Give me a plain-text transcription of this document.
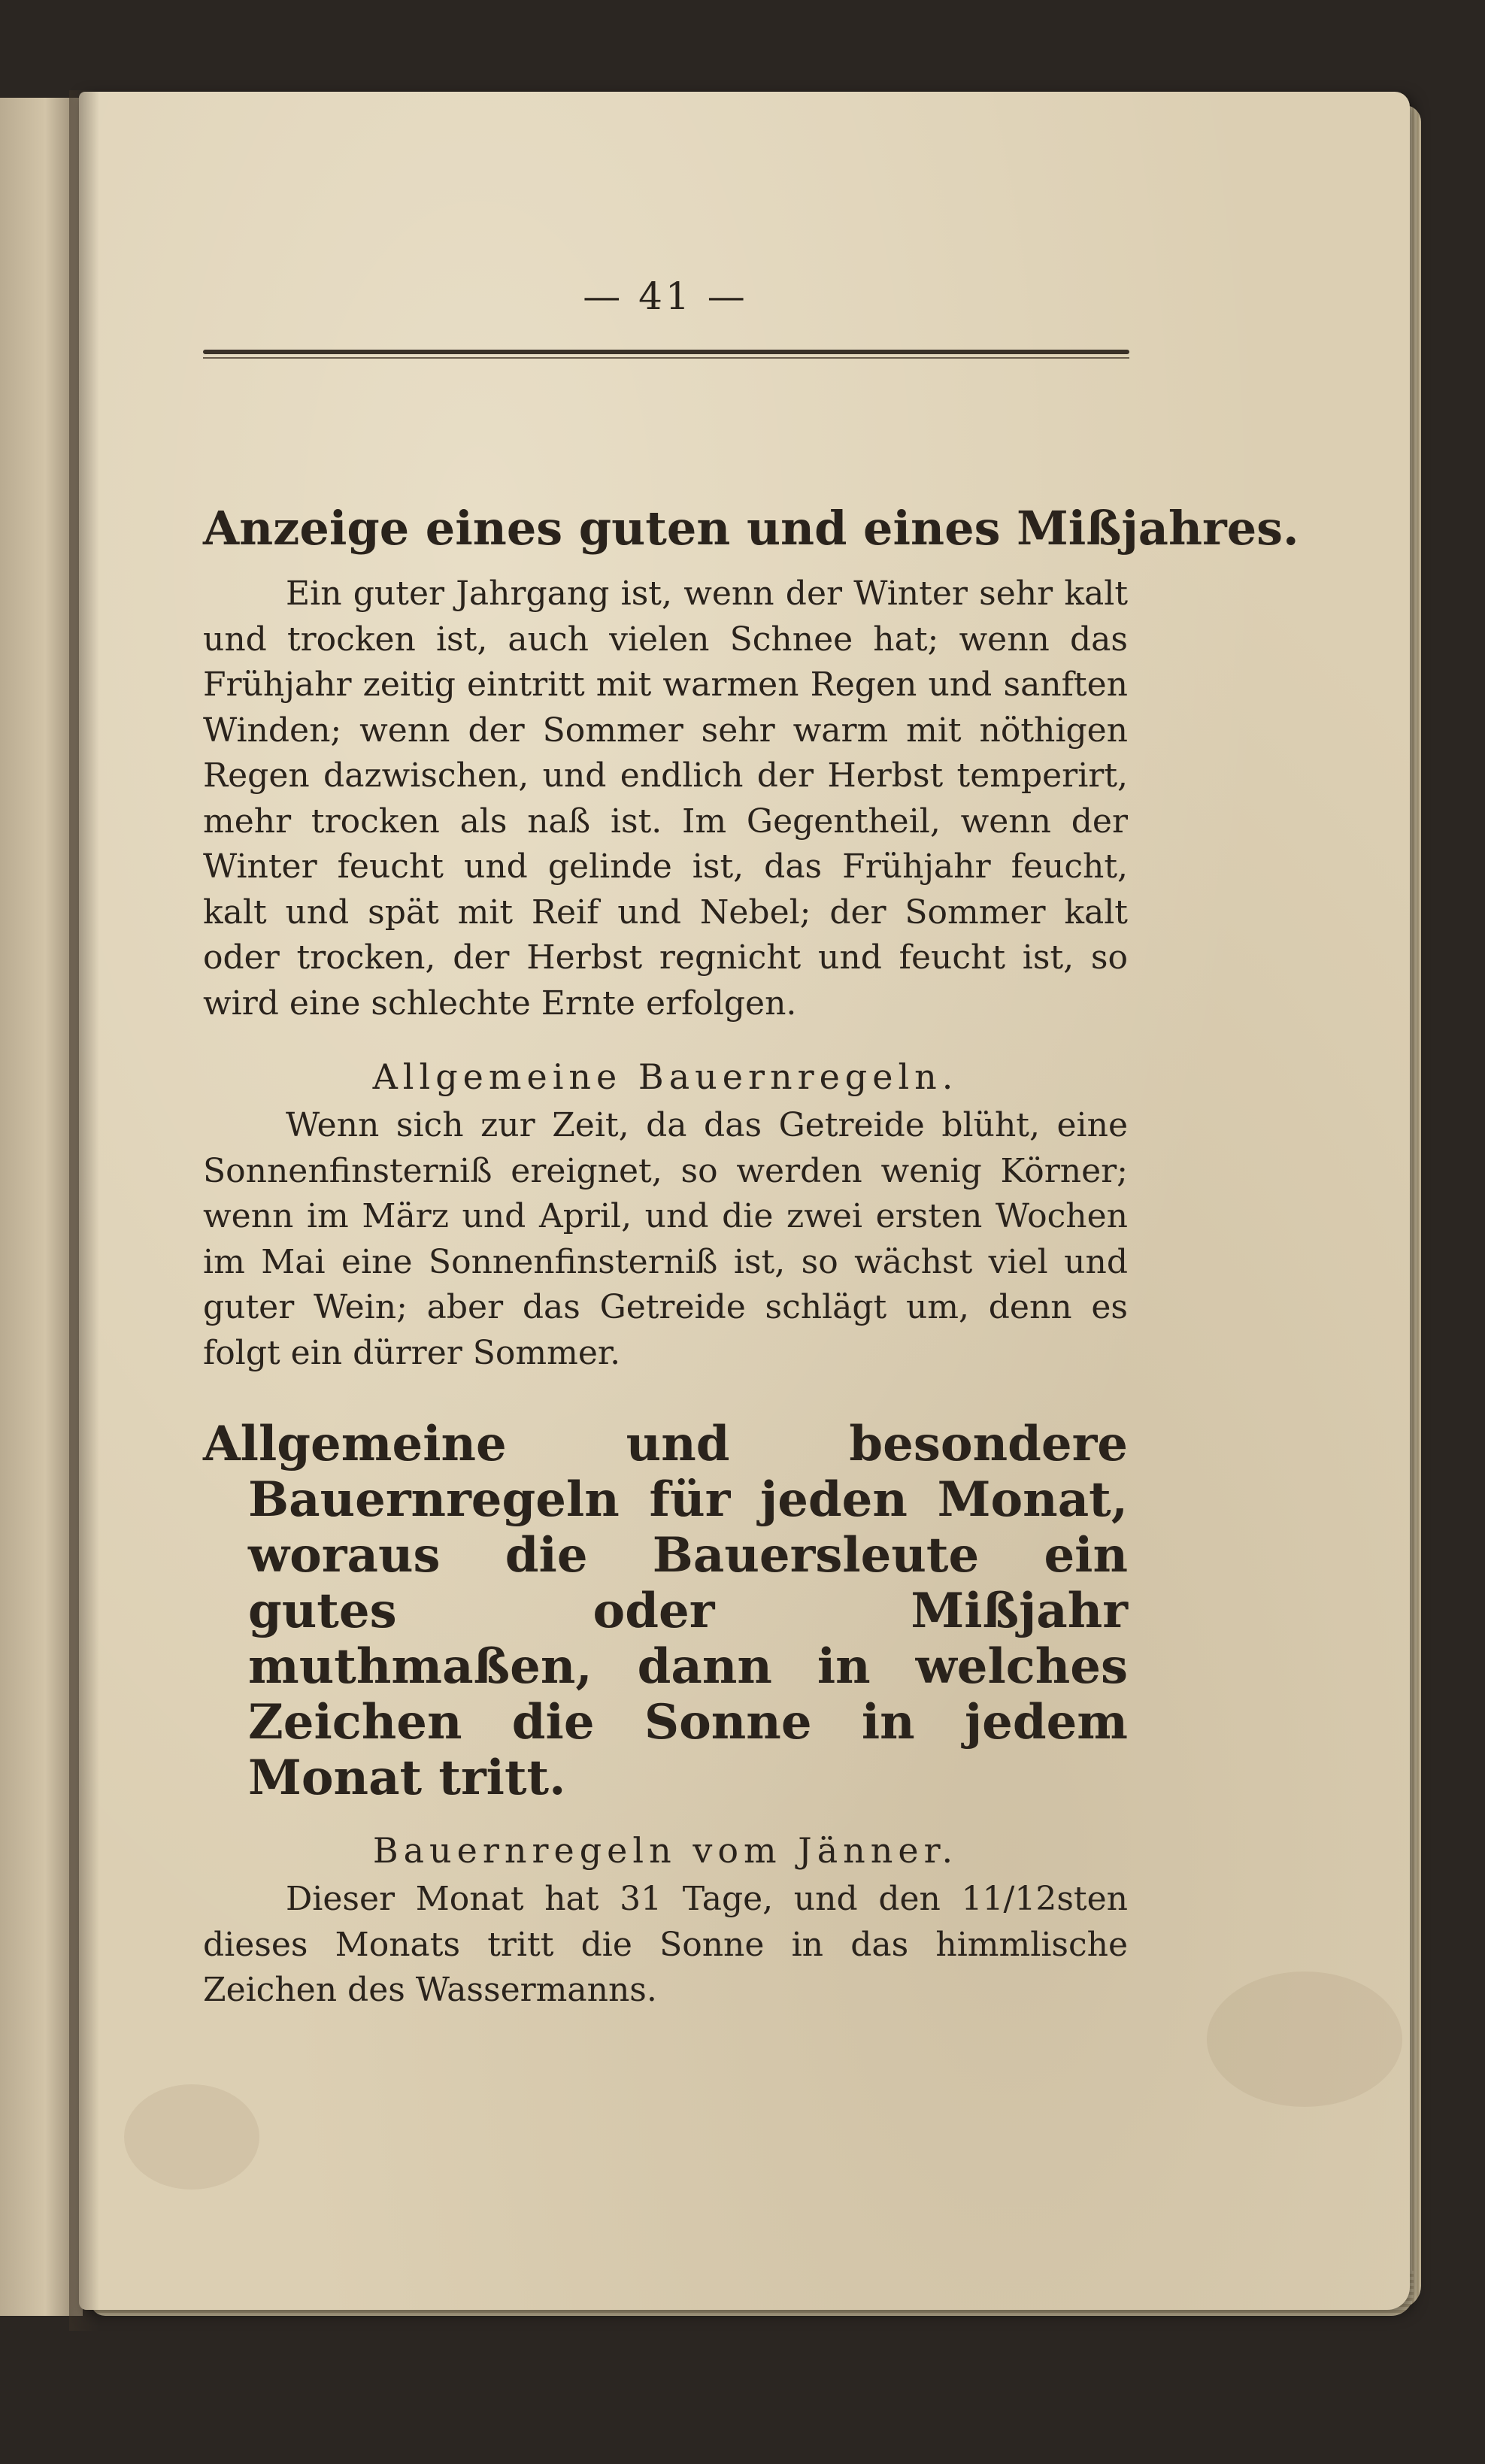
— 41 —

Anzeige eines guten und eines Mißjahres.

Ein guter Jahrgang ist, wenn der Winter sehr kalt und trocken ist, auch vielen Schnee hat; wenn das Frühjahr zeitig eintritt mit warmen Regen und sanften Winden; wenn der Sommer sehr warm mit nöthigen Regen dazwischen, und endlich der Herbst temperirt, mehr trocken als naß ist. Im Gegentheil, wenn der Winter feucht und gelinde ist, das Frühjahr feucht, kalt und spät mit Reif und Nebel; der Sommer kalt oder trocken, der Herbst regnicht und feucht ist, so wird eine schlechte Ernte erfolgen.

Allgemeine Bauernregeln.

Wenn sich zur Zeit, da das Getreide blüht, eine Sonnenfinsterniß ereignet, so werden wenig Körner; wenn im März und April, und die zwei ersten Wochen im Mai eine Sonnenfinsterniß ist, so wächst viel und guter Wein; aber das Getreide schlägt um, denn es folgt ein dürrer Sommer.

Allgemeine und besondere Bauernregeln für jeden Monat, woraus die Bauersleute ein gutes oder Mißjahr muthmaßen, dann in welches Zeichen die Sonne in jedem Monat tritt.

Bauernregeln vom Jänner.

Dieser Monat hat 31 Tage, und den 11/12sten dieses Monats tritt die Sonne in das himmlische Zeichen des Wassermanns.
